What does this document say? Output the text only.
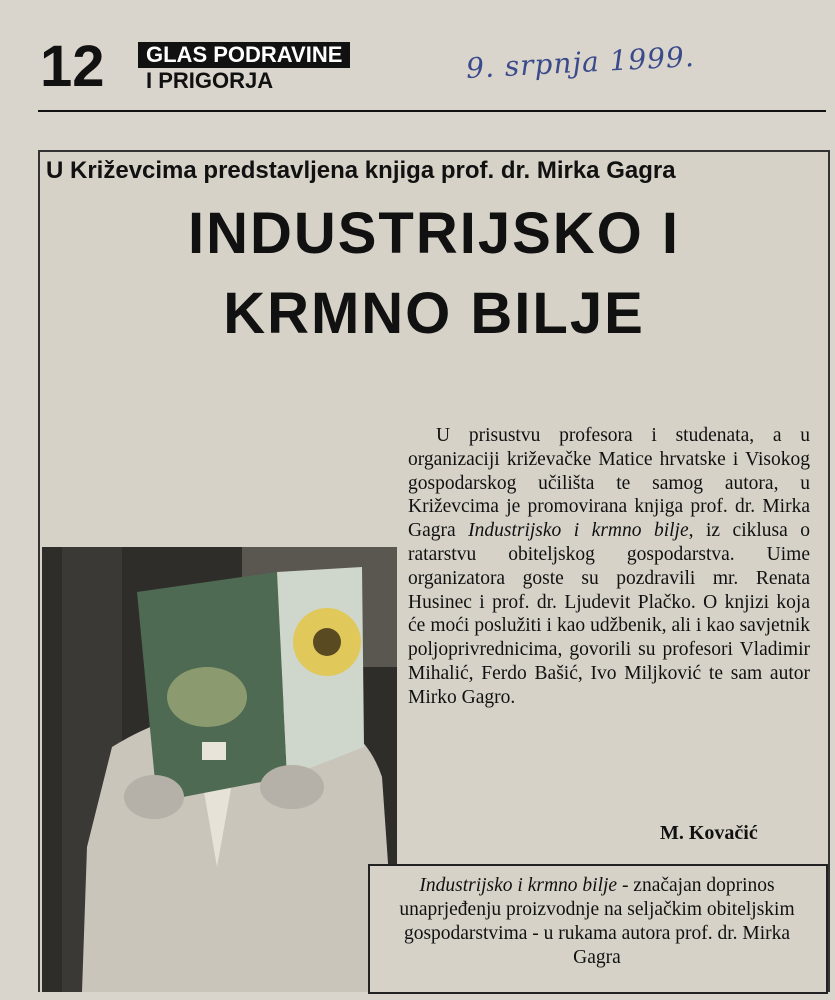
12	GLAS PODRAVINE
I PRIGORJA	9. srpnja 1999.

U Križevcima predstavljena knjiga prof. dr. Mirka Gagra
INDUSTRIJSKO I
KRMNO BILJE

U prisustvu profesora i studenata, a u organizaciji križevačke Matice hrvatske i Visokog gospodarskog učilišta te samog autora, u Križevcima je promovirana knjiga prof. dr. Mirka Gagra Industrijsko i krmno bilje, iz ciklusa o ratarstvu obiteljskog gospodarstva. Uime organizatora goste su pozdravili mr. Renata Husinec i prof. dr. Ljudevit Plačko. O knjizi koja će moći poslužiti i kao udžbenik, ali i kao savjetnik poljoprivrednicima, govorili su profesori Vladimir Mihalić, Ferdo Bašić, Ivo Miljković te sam autor Mirko Gagro.

M. Kovačić
Industrijsko i krmno bilje - značajan doprinos unaprjeđenju proizvodnje na seljačkim obiteljskim gospodarstvima - u rukama autora prof. dr. Mirka Gagra
